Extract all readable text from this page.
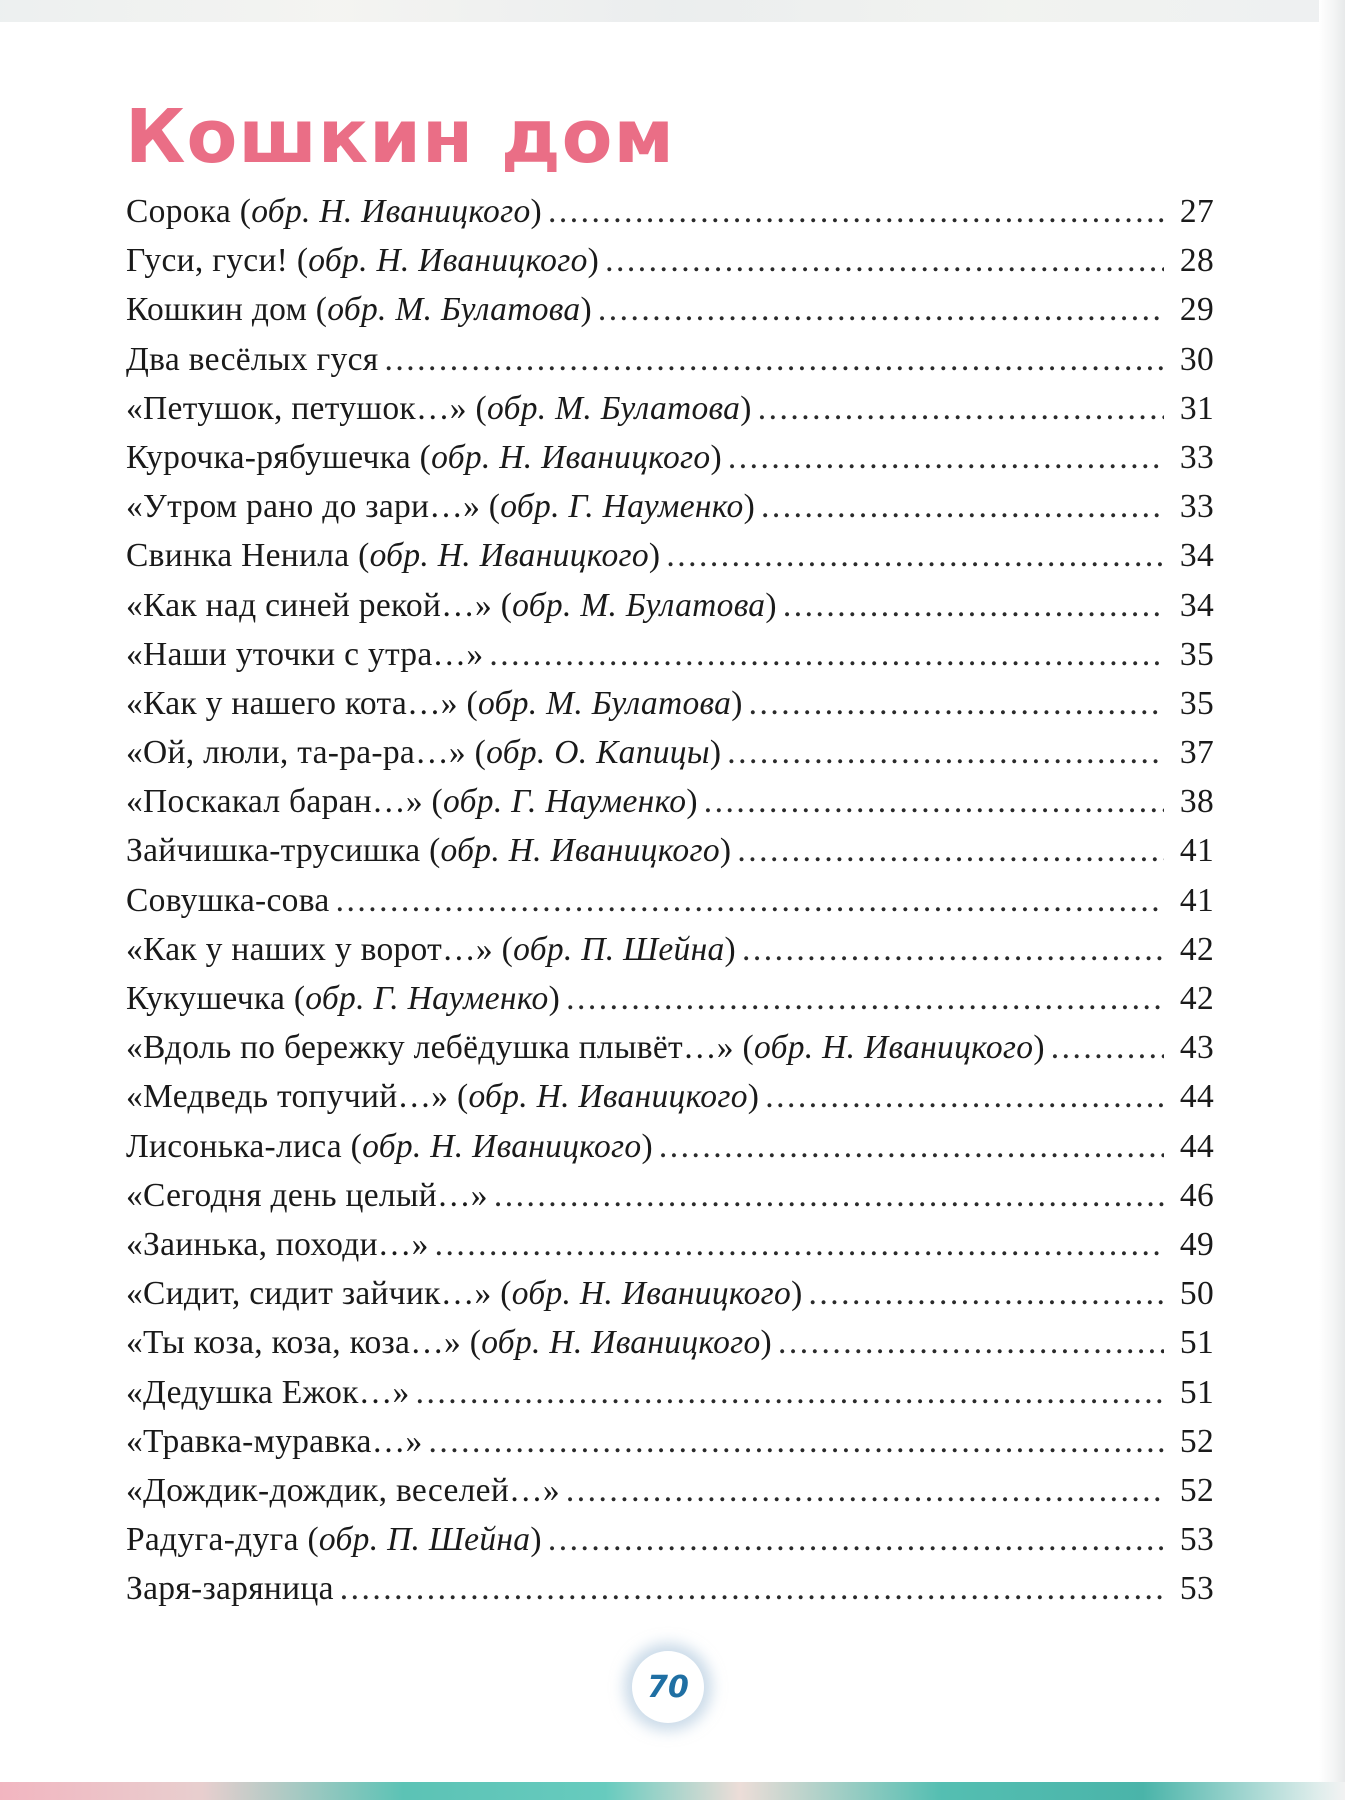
Кошкин дом
Сорока (обр. Н. Иваницкого) .....	27
Гуси, гуси! (обр. Н. Иваницкого) .....	28
Кошкин дом (обр. М. Булатова) .....	29
Два весёлых гуся .....	30
«Петушок, петушок…» (обр. М. Булатова) .....	31
Курочка-рябушечка (обр. Н. Иваницкого) .....	33
«Утром рано до зари…» (обр. Г. Науменко) .....	33
Свинка Ненила (обр. Н. Иваницкого) .....	34
«Как над синей рекой…» (обр. М. Булатова) .....	34
«Наши уточки с утра…» .....	35
«Как у нашего кота…» (обр. М. Булатова) .....	35
«Ой, люли, та-ра-ра…» (обр. О. Капицы) .....	37
«Поскакал баран…» (обр. Г. Науменко) .....	38
Зайчишка-трусишка (обр. Н. Иваницкого) .....	41
Совушка-сова .....	41
«Как у наших у ворот…» (обр. П. Шейна) .....	42
Кукушечка (обр. Г. Науменко) .....	42
«Вдоль по бережку лебёдушка плывёт…» (обр. Н. Иваницкого) .....	43
«Медведь топучий…» (обр. Н. Иваницкого) .....	44
Лисонька-лиса (обр. Н. Иваницкого) .....	44
«Сегодня день целый…» .....	46
«Заинька, походи…» .....	49
«Сидит, сидит зайчик…» (обр. Н. Иваницкого) .....	50
«Ты коза, коза, коза…» (обр. Н. Иваницкого) .....	51
«Дедушка Ежок…» .....	51
«Травка-муравка…» .....	52
«Дождик-дождик, веселей…» .....	52
Радуга-дуга (обр. П. Шейна) .....	53
Заря-заряница .....	53
70
